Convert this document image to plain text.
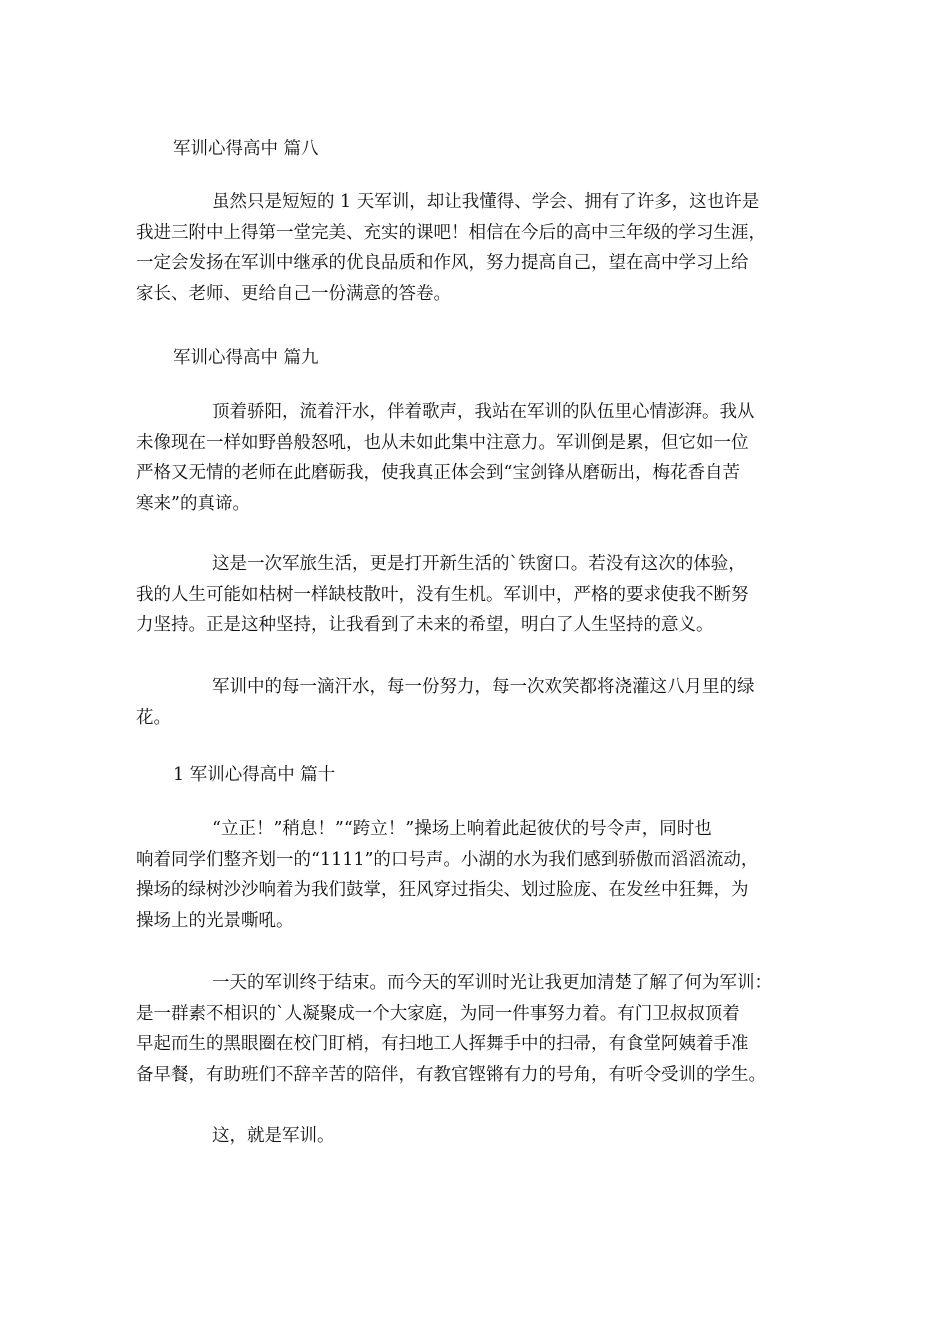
军训心得高中 篇八
虽然只是短短的 1 天军训，却让我懂得、学会、拥有了许多，这也许是
我进三附中上得第一堂完美、充实的课吧！相信在今后的高中三年级的学习生涯，
一定会发扬在军训中继承的优良品质和作风，努力提高自己，望在高中学习上给
家长、老师、更给自己一份满意的答卷。
军训心得高中 篇九
顶着骄阳，流着汗水，伴着歌声，我站在军训的队伍里心情澎湃。我从
未像现在一样如野兽般怒吼，也从未如此集中注意力。军训倒是累，但它如一位
严格又无情的老师在此磨砺我，使我真正体会到“宝剑锋从磨砺出，梅花香自苦
寒来”的真谛。
这是一次军旅生活，更是打开新生活的`铁窗口。若没有这次的体验，
我的人生可能如枯树一样缺枝散叶，没有生机。军训中，严格的要求使我不断努
力坚持。正是这种坚持，让我看到了未来的希望，明白了人生坚持的意义。
军训中的每一滴汗水，每一份努力，每一次欢笑都将浇灌这八月里的绿
花。
1 军训心得高中 篇十
“立正！”稍息！”“跨立！”操场上响着此起彼伏的号令声，同时也
响着同学们整齐划一的“1111”的口号声。小湖的水为我们感到骄傲而滔滔流动，
操场的绿树沙沙响着为我们鼓掌，狂风穿过指尖、划过脸庞、在发丝中狂舞，为
操场上的光景嘶吼。
一天的军训终于结束。而今天的军训时光让我更加清楚了解了何为军训：
是一群素不相识的`人凝聚成一个大家庭，为同一件事努力着。有门卫叔叔顶着
早起而生的黑眼圈在校门盯梢，有扫地工人挥舞手中的扫帚，有食堂阿姨着手准
备早餐，有助班们不辞辛苦的陪伴，有教官铿锵有力的号角，有听令受训的学生。
这，就是军训。
